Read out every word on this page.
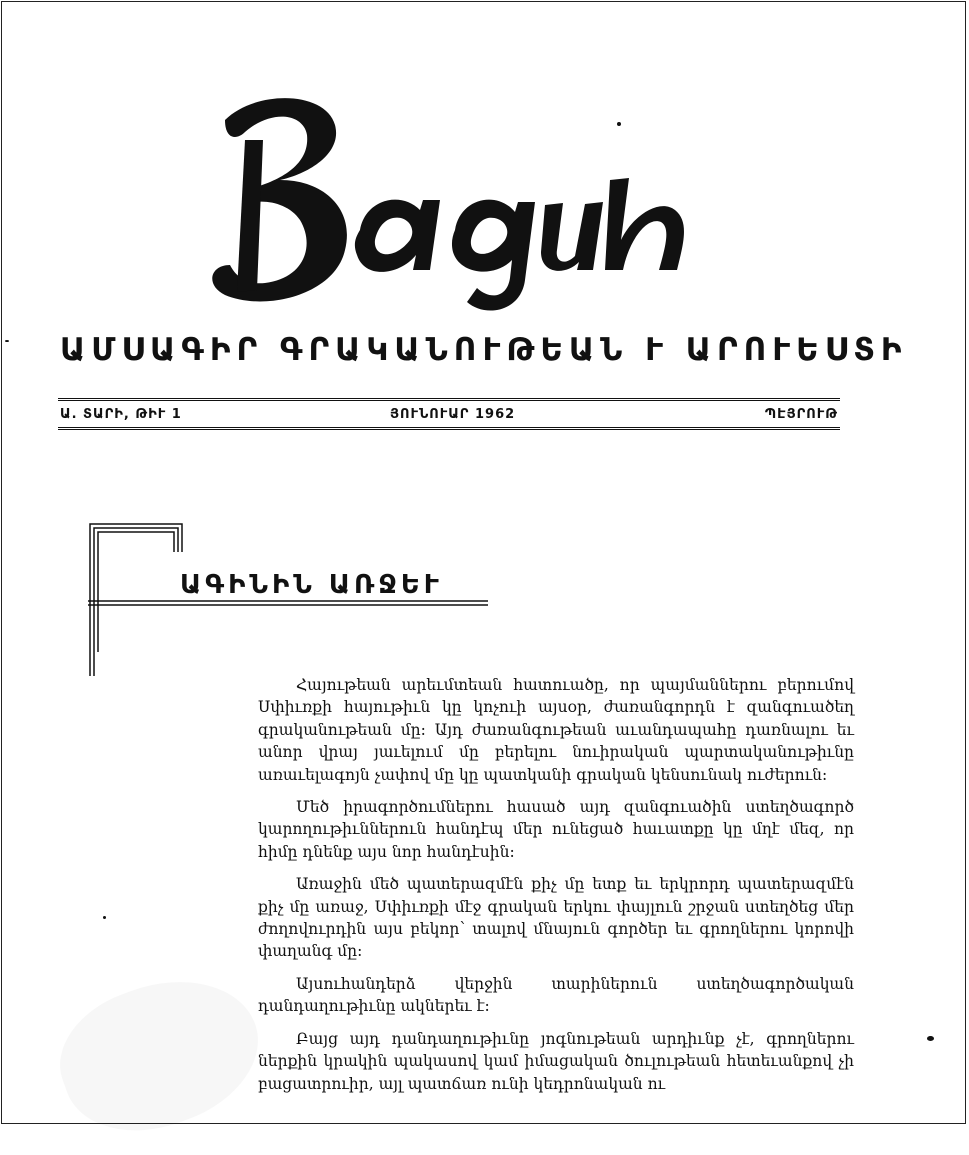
ԱՄՍԱԳԻՐ ԳՐԱԿԱՆՈՒԹԵԱՆ Ւ ԱՐՈՒԵՍՏԻ
Ա. ՏԱՐԻ, ԹԻՒ 1	ՅՈՒՆՈՒԱՐ 1962	ՊԷՅՐՈՒԹ
ԱԳԻՆԻՆ ԱՌՋԵՒ

Հայութեան արեւմտեան հատուածը, որ պայմաններու բերումով Սփիւռքի հայութիւն կը կոչուի այսօր, ժառանգորդն է զանգուածեղ գրականութեան մը։ Այդ ժառանգութեան աւանդապահը դառնալու եւ անոր վրայ յաւելում մը բերելու նուիրական պարտականութիւնը առաւելագոյն չափով մը կը պատկանի գրական կենսունակ ուժերուն։

Մեծ իրագործումներու հասած այդ զանգուածին ստեղծագործ կարողութիւններուն հանդէպ մեր ունեցած հաւատքը կը մղէ մեզ, որ հիմը դնենք այս նոր հանդէսին։

Առաջին մեծ պատերազմէն քիչ մը ետք եւ երկրորդ պատերազմէն քիչ մը առաջ, Սփիւռքի մէջ գրական երկու փայլուն շրջան ստեղծեց մեր ժողովուրդին այս բեկոր՝ տալով մնայուն գործեր եւ գրողներու կորովի փաղանգ մը։

Այսուհանդերձ վերջին տարիներուն ստեղծագործական դանդաղութիւնը ակներեւ է։

Բայց այդ դանդաղութիւնը յոգնութեան արդիւնք չէ, գրողներու ներքին կրակին պակասով կամ իմացական ծուլութեան հետեւանքով չի բացատրուիր, այլ պատճառ ունի կեդրոնական ու
